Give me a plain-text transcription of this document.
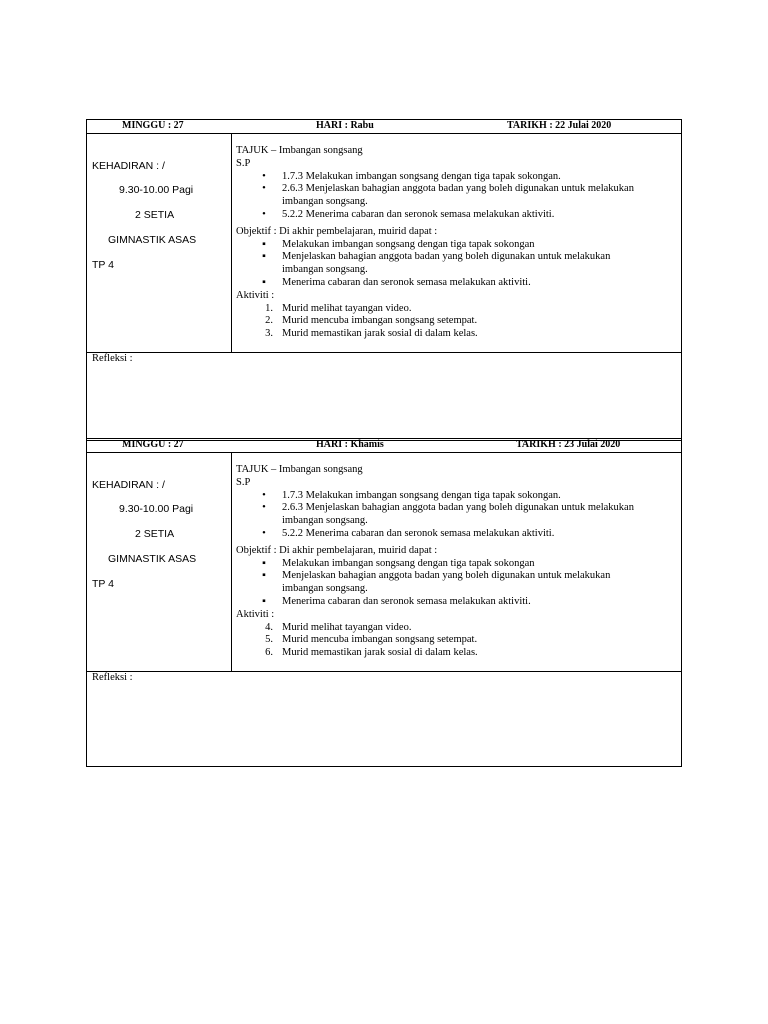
MINGGU : 27	HARI : Rabu	TARIKH : 22 Julai 2020
KEHADIRAN : /
9.30-10.00 Pagi
2 SETIA
GIMNASTIK ASAS
TP 4
TAJUK – Imbangan songsang
S.P
•	1.7.3 Melakukan imbangan songsang dengan tiga tapak sokongan.
•	2.6.3 Menjelaskan bahagian anggota badan yang boleh digunakan untuk melakukan
imbangan songsang.
•	5.2.2 Menerima cabaran dan seronok semasa melakukan aktiviti.
Objektif : Di akhir pembelajaran, muirid dapat :
▪	Melakukan imbangan songsang dengan tiga tapak sokongan
▪	Menjelaskan bahagian anggota badan yang boleh digunakan untuk melakukan
imbangan songsang.
▪	Menerima cabaran dan seronok semasa melakukan aktiviti.
Aktiviti :
1. Murid melihat tayangan video.
2. Murid mencuba imbangan songsang setempat.
3. Murid memastikan jarak sosial di dalam kelas.
Refleksi :
MINGGU : 27	HARI : Khamis	TARIKH : 23 Julai 2020
KEHADIRAN : /
9.30-10.00 Pagi
2 SETIA
GIMNASTIK ASAS
TP 4
TAJUK – Imbangan songsang
S.P
•	1.7.3 Melakukan imbangan songsang dengan tiga tapak sokongan.
•	2.6.3 Menjelaskan bahagian anggota badan yang boleh digunakan untuk melakukan
imbangan songsang.
•	5.2.2 Menerima cabaran dan seronok semasa melakukan aktiviti.
Objektif : Di akhir pembelajaran, muirid dapat :
▪	Melakukan imbangan songsang dengan tiga tapak sokongan
▪	Menjelaskan bahagian anggota badan yang boleh digunakan untuk melakukan
imbangan songsang.
▪	Menerima cabaran dan seronok semasa melakukan aktiviti.
Aktiviti :
4. Murid melihat tayangan video.
5. Murid mencuba imbangan songsang setempat.
6. Murid memastikan jarak sosial di dalam kelas.
Refleksi :
